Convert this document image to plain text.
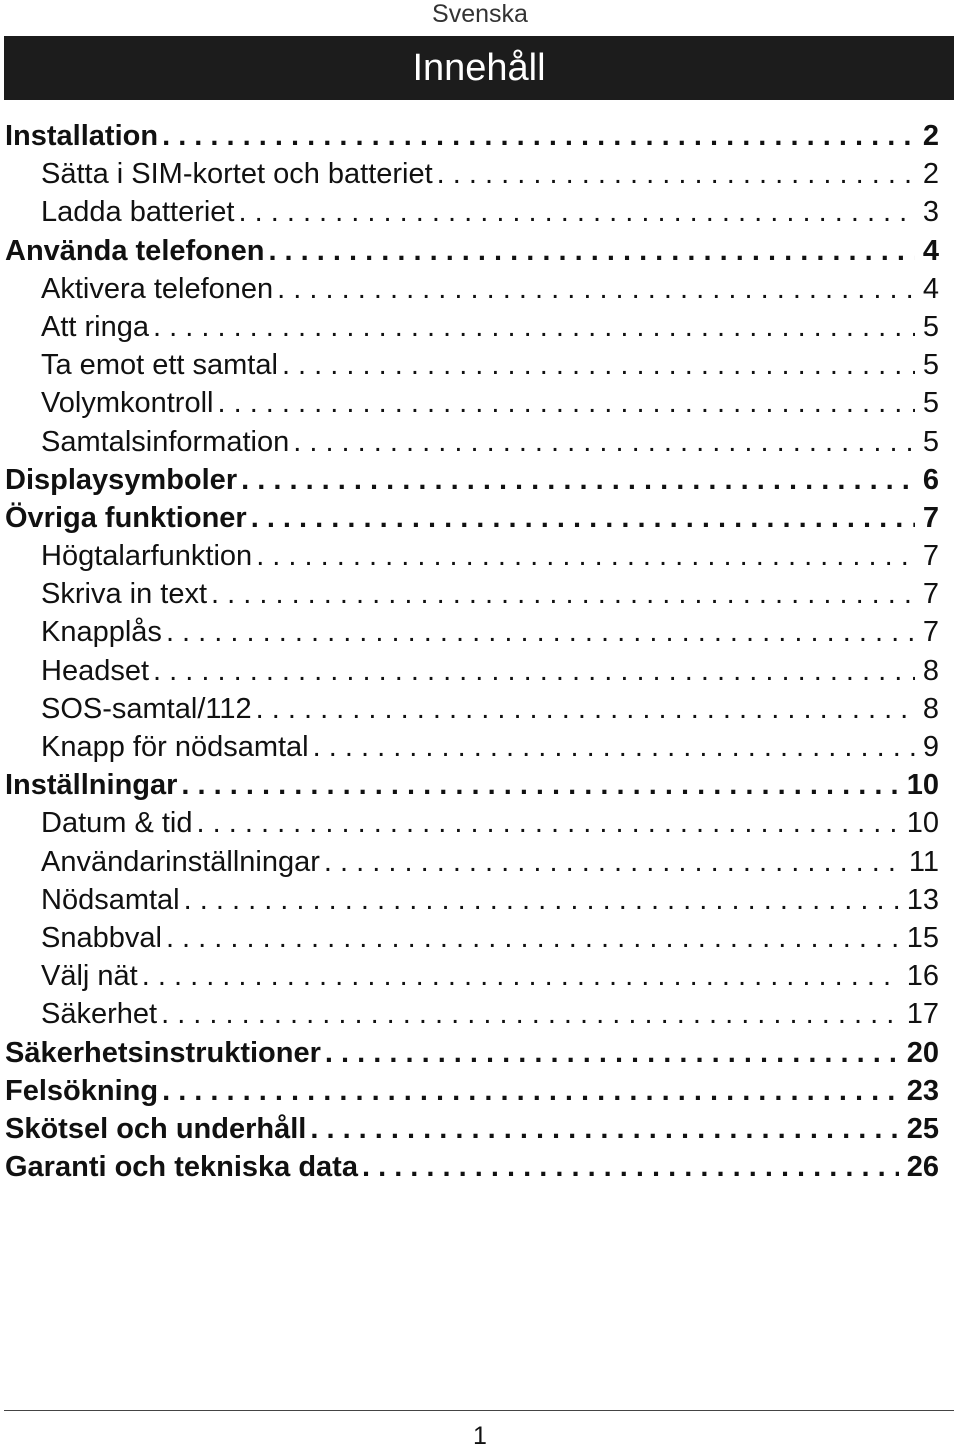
Svenska
Innehåll
Installation . . .	2
Sätta i SIM-kortet och batteriet . . .	2
Ladda batteriet . . .	3
Använda telefonen . . .	4
Aktivera telefonen . . .	4
Att ringa . . .	5
Ta emot ett samtal . . .	5
Volymkontroll . . .	5
Samtalsinformation . . .	5
Displaysymboler . . .	6
Övriga funktioner . . .	7
Högtalarfunktion . . .	7
Skriva in text . . .	7
Knapplås . . .	7
Headset . . .	8
SOS-samtal/112 . . .	8
Knapp för nödsamtal . . .	9
Inställningar . . .	10
Datum & tid . . .	10
Användarinställningar . . .	11
Nödsamtal . . .	13
Snabbval . . .	15
Välj nät . . .	16
Säkerhet . . .	17
Säkerhetsinstruktioner . . .	20
Felsökning . . .	23
Skötsel och underhåll . . .	25
Garanti och tekniska data . . .	26
1
